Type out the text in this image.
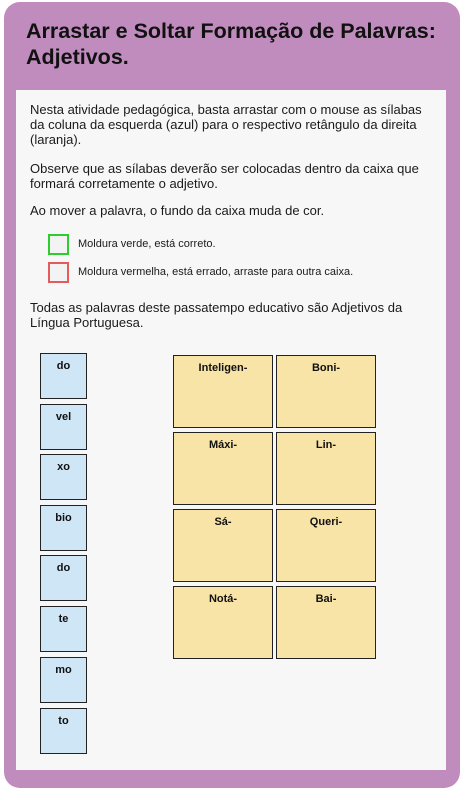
Arrastar e Soltar Formação de Palavras: Adjetivos.
Nesta atividade pedagógica, basta arrastar com o mouse as sílabas da coluna da esquerda (azul) para o respectivo retângulo da direita (laranja).
Observe que as sílabas deverão ser colocadas dentro da caixa que formará corretamente o adjetivo.
Ao mover a palavra, o fundo da caixa muda de cor.
Moldura verde, está correto.
Moldura vermelha, está errado, arraste para outra caixa.
Todas as palavras deste passatempo educativo são Adjetivos da Língua Portuguesa.
do
vel
xo
bio
do
te
mo
to
Inteligen-	Boni-
Máxi-	Lin-
Sá-	Queri-
Notá-	Bai-
